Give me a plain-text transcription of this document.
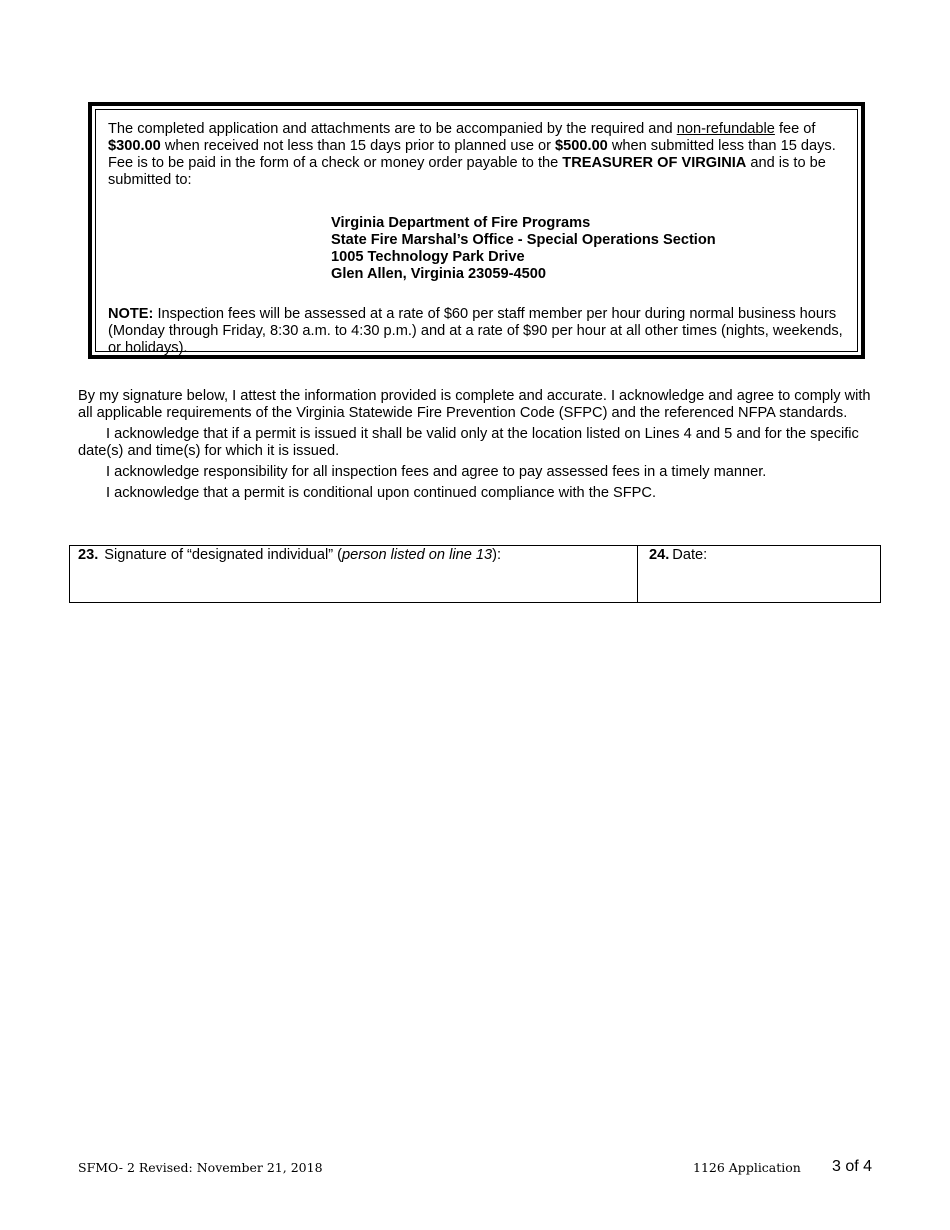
The completed application and attachments are to be accompanied by the required and non-refundable fee of $300.00 when received not less than 15 days prior to planned use or $500.00 when submitted less than 15 days. Fee is to be paid in the form of a check or money order payable to the TREASURER OF VIRGINIA and is to be submitted to:

Virginia Department of Fire Programs
State Fire Marshal’s Office - Special Operations Section
1005 Technology Park Drive
Glen Allen, Virginia 23059-4500

NOTE: Inspection fees will be assessed at a rate of $60 per staff member per hour during normal business hours (Monday through Friday, 8:30 a.m. to 4:30 p.m.) and at a rate of $90 per hour at all other times (nights, weekends, or holidays).

By my signature below, I attest the information provided is complete and accurate. I acknowledge and agree to comply with all applicable requirements of the Virginia Statewide Fire Prevention Code (SFPC) and the referenced NFPA standards.

I acknowledge that if a permit is issued it shall be valid only at the location listed on Lines 4 and 5 and for the specific date(s) and time(s) for which it is issued.

I acknowledge responsibility for all inspection fees and agree to pay assessed fees in a timely manner.

I acknowledge that a permit is conditional upon continued compliance with the SFPC.

23. Signature of “designated individual” (person listed on line 13):	24. Date:
SFMO- 2 Revised: November 21, 2018	1126 Application 3 of 4
